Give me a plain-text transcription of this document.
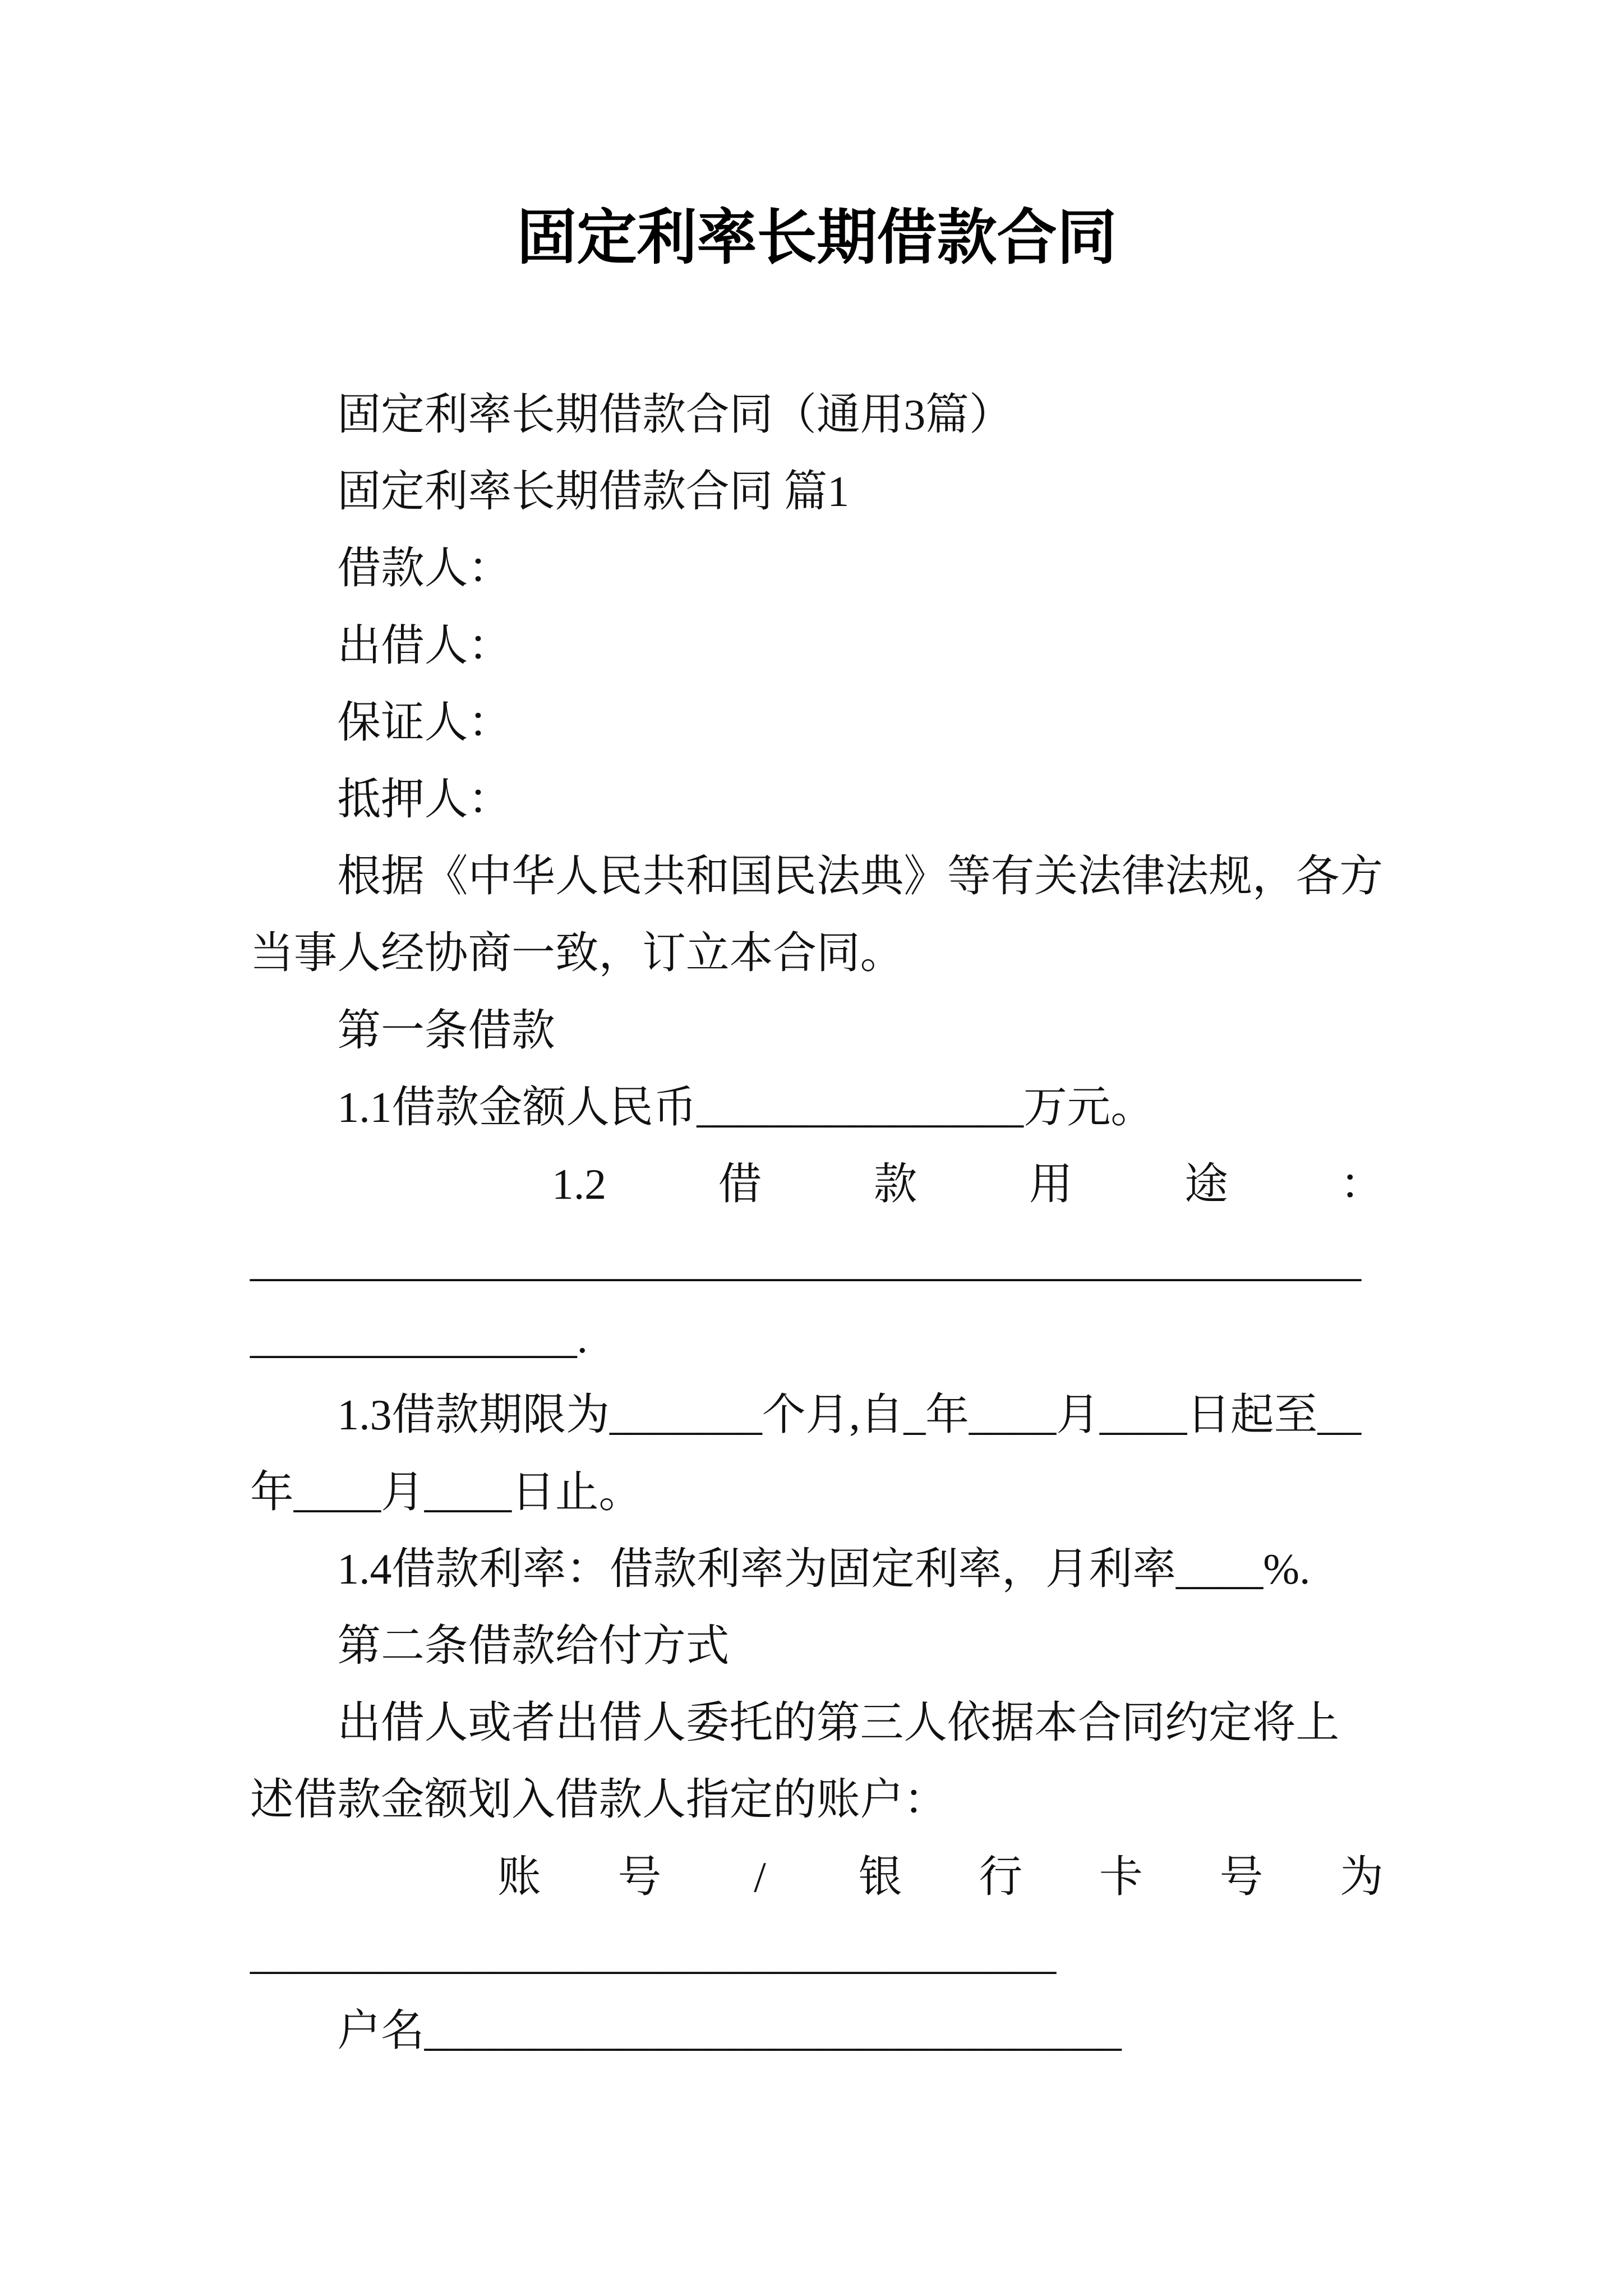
固定利率长期借款合同
固定利率长期借款合同（通用3篇）
固定利率长期借款合同 篇1
借款人：
出借人：
保证人：
抵押人：
根据《中华人民共和国民法典》等有关法律法规，各方
当事人经协商一致，订立本合同。
第一条借款
1.1借款金额人民币_______________万元。
1.2	借	款	用	途	：
___________________________________________________
_______________.
1.3借款期限为_______个月,自_年____月____日起至__
年____月____日止。
1.4借款利率：借款利率为固定利率，月利率____%.
第二条借款给付方式
出借人或者出借人委托的第三人依据本合同约定将上
述借款金额划入借款人指定的账户：
账 号	/	银 行 卡 号 为
_____________________________________
户名________________________________
